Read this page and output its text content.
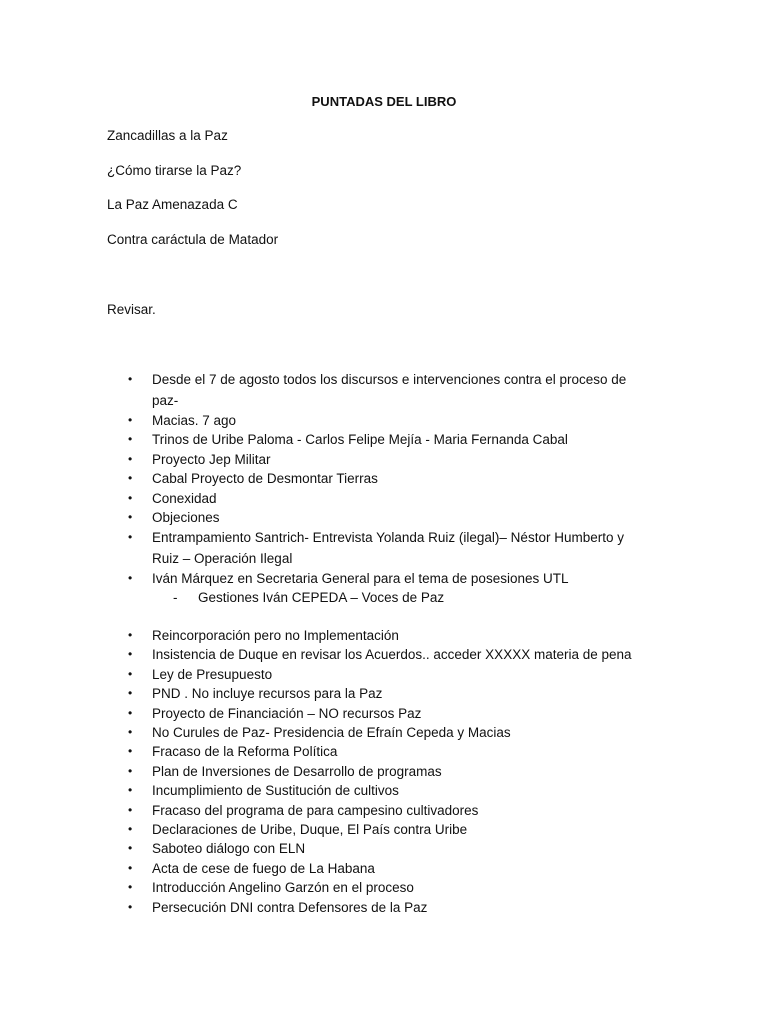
PUNTADAS DEL LIBRO
Zancadillas a la Paz
¿Cómo tirarse la Paz?
La Paz Amenazada C
Contra caráctula de Matador
Revisar.
• Desde el 7 de agosto todos los discursos e intervenciones contra el proceso de paz-
• Macias. 7 ago
• Trinos de Uribe Paloma - Carlos Felipe Mejía - Maria Fernanda Cabal
• Proyecto Jep Militar
• Cabal Proyecto de Desmontar Tierras
• Conexidad
• Objeciones
• Entrampamiento Santrich- Entrevista Yolanda Ruiz (ilegal)– Néstor Humberto y Ruiz – Operación Ilegal
• Iván Márquez en Secretaria General para el tema de posesiones UTL
- Gestiones Iván CEPEDA – Voces de Paz
• Reincorporación pero no Implementación
• Insistencia de Duque en revisar los Acuerdos.. acceder XXXXX materia de pena
• Ley de Presupuesto
• PND . No incluye recursos para la Paz
• Proyecto de Financiación – NO recursos Paz
• No Curules de Paz- Presidencia de Efraín Cepeda y Macias
• Fracaso de la Reforma Política
• Plan de Inversiones de Desarrollo de programas
• Incumplimiento de Sustitución de cultivos
• Fracaso del programa de para campesino cultivadores
• Declaraciones de Uribe, Duque, El País contra Uribe
• Saboteo diálogo con ELN
• Acta de cese de fuego de La Habana
• Introducción Angelino Garzón en el proceso
• Persecución DNI contra Defensores de la Paz
